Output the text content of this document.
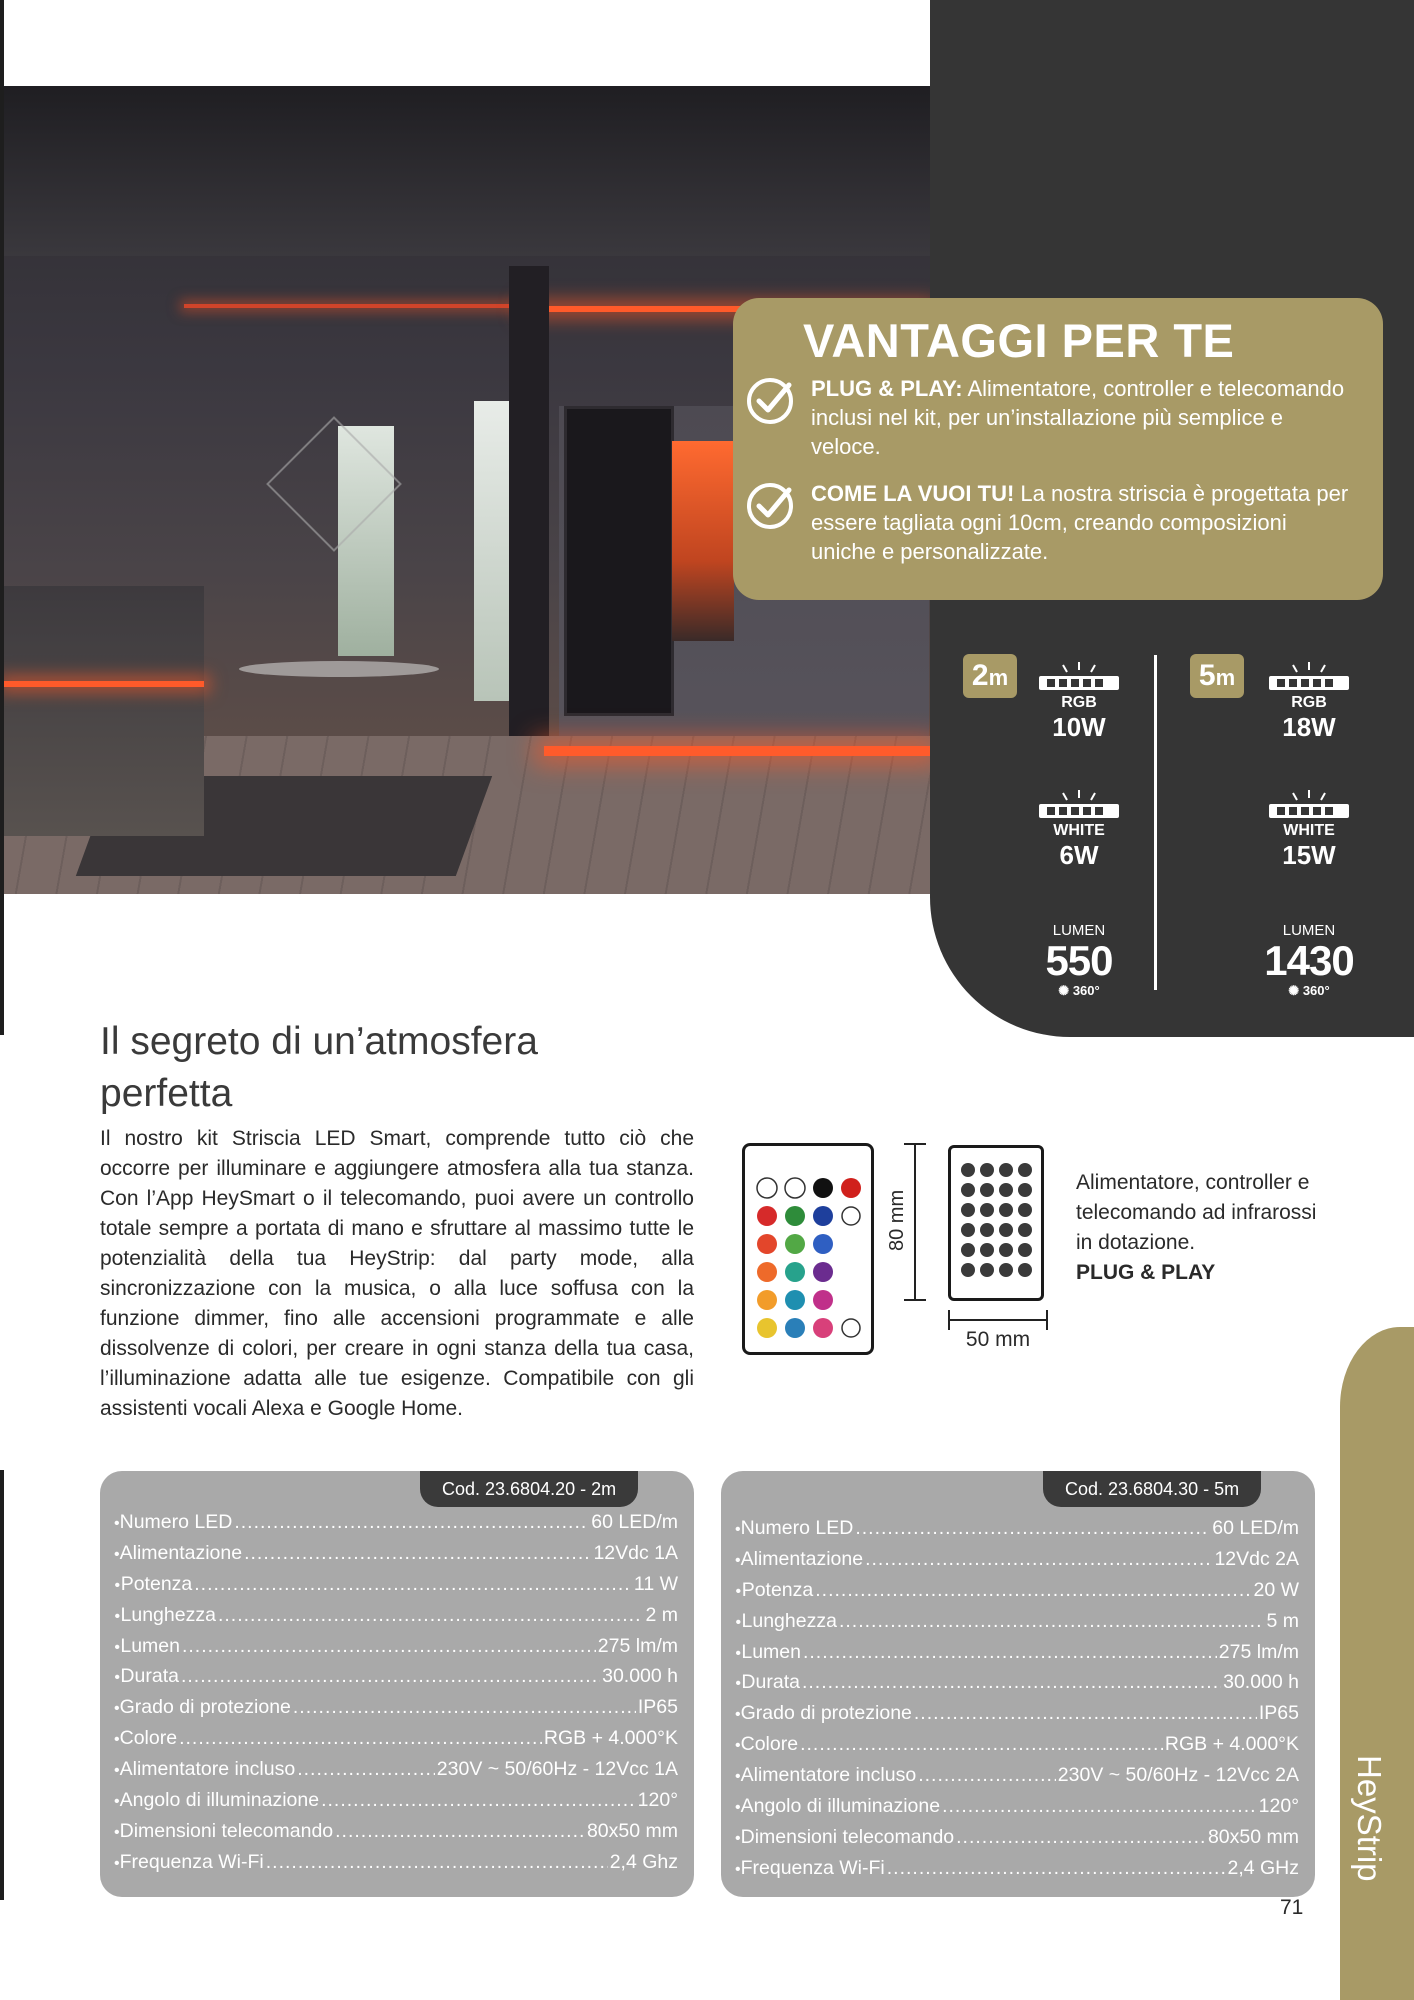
VANTAGGI PER TE
PLUG & PLAY: Alimentatore, controller e telecomando inclusi nel kit, per un’installazione più semplice e veloce.
COME LA VUOI TU! La nostra striscia è progettata per essere tagliata ogni 10cm, creando composizioni uniche e personalizzate.
2m	5m
RGB
10W
WHITE
6W
LUMEN
550
✺ 360°
RGB
18W
WHITE
15W
LUMEN
1430
✺ 360°
Il segreto di un’atmosfera perfetta

Il nostro kit Striscia LED Smart, comprende tutto ciò che occorre per illuminare e aggiungere atmosfera alla tua stanza. Con l’App HeySmart o il telecomando, puoi avere un controllo totale sempre a portata di mano e sfruttare al massimo tutte le potenzialità della tua HeyStrip: dal party mode, alla sincronizzazione con la musica, o alla luce soffusa con la funzione dimmer, fino alle accensioni programmate e alle dissolvenze di colori, per creare in ogni stanza della tua casa, l’illuminazione adatta alle tue esigenze. Compatibile con gli assistenti vocali Alexa e Google Home.

80 mm
50 mm
Alimentatore, controller e telecomando ad infrarossi in dotazione.
PLUG & PLAY
Cod. 23.6804.20 - 2m
• Numero LED .....	60 LED/m
• Alimentazione .....	12Vdc 1A
• Potenza .....	11 W
• Lunghezza .....	2 m
• Lumen .....	275 lm/m
• Durata .....	30.000 h
• Grado di protezione .....	IP65
• Colore .....	RGB + 4.000°K
• Alimentatore incluso .....	230V ~ 50/60Hz - 12Vcc 1A
• Angolo di illuminazione .....	120°
• Dimensioni telecomando .....	80x50 mm
• Frequenza Wi-Fi .....	2,4 Ghz
Cod. 23.6804.30 - 5m
• Numero LED .....	60 LED/m
• Alimentazione .....	12Vdc 2A
• Potenza .....	20 W
• Lunghezza .....	5 m
• Lumen .....	275 lm/m
• Durata .....	30.000 h
• Grado di protezione .....	IP65
• Colore .....	RGB + 4.000°K
• Alimentatore incluso .....	230V ~ 50/60Hz - 12Vcc 2A
• Angolo di illuminazione .....	120°
• Dimensioni telecomando .....	80x50 mm
• Frequenza Wi-Fi .....	2,4 GHz HeyStrip
71
